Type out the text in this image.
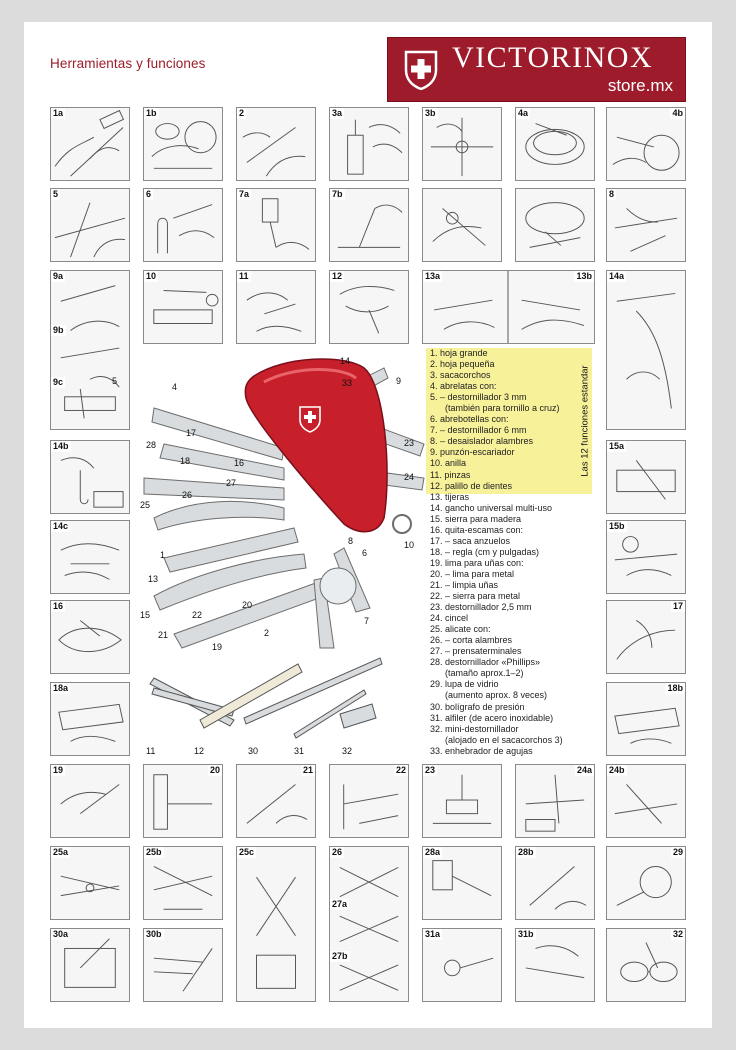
Herramientas y funciones	VICTORINOX
store.mx
1a	1b	2	3a	3b	4a	4b
5	6	7a	7b	8
9a
9b
9c
10	11	12	13a	13b 14a
14b
14c
16
18a
15a
15b
17
18b
19	20	21	22 23	24a 24b
25a	25b	25c	26
27a
27b
28a	28b	29
30a	30b	31a	31b	32
5
4
14
33	9
17
28
16
18
23
24
27
26
25
8	10
1	6
13
20
15	22
7
21	2
19
11	12	30	31	32
Las 12 funciones estandar
1. hoja grande
2. hoja pequeña
3. sacacorchos
4. abrelatas con:
5. – destornillador 3 mm
(también para tornillo a cruz)
6. abrebotellas con:
7. – destornillador 6 mm
8. – desaislador alambres
9. punzón-escariador
10. anilla
11. pinzas
12. palillo de dientes
13. tijeras
14. gancho universal multi-uso
15. sierra para madera
16. quita-escamas con:
17. – saca anzuelos
18. – regla (cm y pulgadas)
19. lima para uñas con:
20. – lima para metal
21. – limpia uñas
22. – sierra para metal
23. destornillador 2,5 mm
24. cincel
25. alicate con:
26. – corta alambres
27. – prensaterminales
28. destornillador «Phillips»
(tamaño aprox.1–2)
29. lupa de vidrio
(aumento aprox. 8 veces)
30. bolígrafo de presión
31. alfiler (de acero inoxidable)
32. mini-destornillador
(alojado en el sacacorchos 3)
33. enhebrador de agujas
